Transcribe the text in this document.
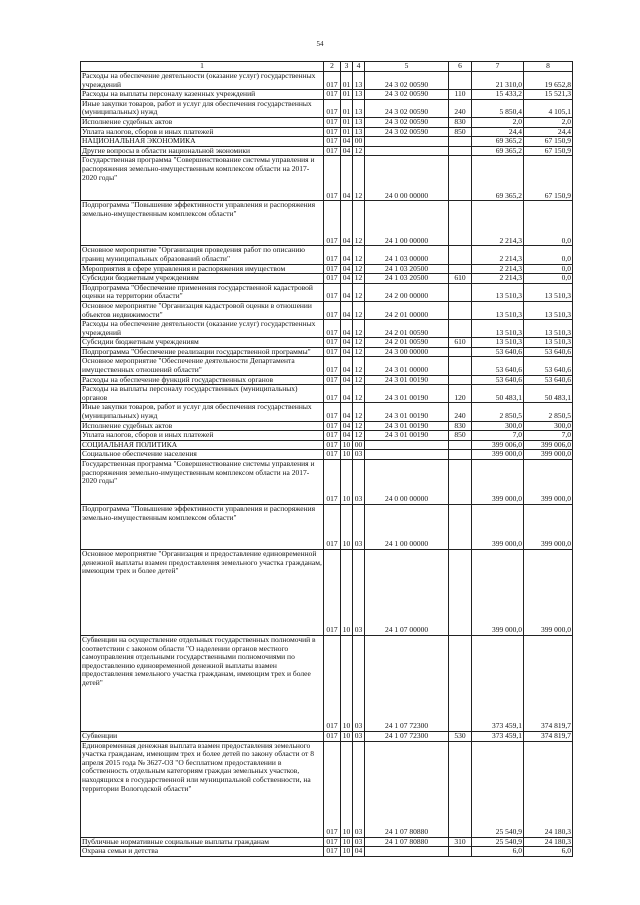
54
1	2	3	4	5	6	7	8
Расходы на обеспечение деятельности (оказание услуг) государственных учреждений	017	01	13	24 3 02 00590		21 310,0	19 652,8
Расходы на выплаты персоналу казенных учреждений	017	01	13	24 3 02 00590	110	15 433,2	15 521,3
Иные закупки товаров, работ и услуг для обеспечения государственных (муниципальных) нужд	017	01	13	24 3 02 00590	240	5 850,4	4 105,1
Исполнение судебных актов	017	01	13	24 3 02 00590	830	2,0	2,0
Уплата налогов, сборов и иных платежей	017	01	13	24 3 02 00590	850	24,4	24,4
НАЦИОНАЛЬНАЯ ЭКОНОМИКА	017	04	00			69 365,2	67 150,9
Другие вопросы в области национальной экономики	017	04	12			69 365,2	67 150,9
Государственная программа "Совершенствование системы управления и распоряжения земельно-имущественным комплексом области на 2017-2020 годы"	017	04	12	24 0 00 00000		69 365,2	67 150,9
Подпрограмма "Повышение эффективности управления и распоряжения земельно-имущественным комплексом области"	017	04	12	24 1 00 00000		2 214,3	0,0
Основное мероприятие "Организация проведения работ по описанию границ муниципальных образований области"	017	04	12	24 1 03 00000		2 214,3	0,0
Мероприятия в сфере управления и распоряжения имуществом	017	04	12	24 1 03 20500		2 214,3	0,0
Субсидии бюджетным учреждениям	017	04	12	24 1 03 20500	610	2 214,3	0,0
Подпрограмма "Обеспечение применения государственной кадастровой оценки на территории области"	017	04	12	24 2 00 00000		13 510,3	13 510,3
Основное мероприятие "Организация кадастровой оценки в отношении объектов недвижимости"	017	04	12	24 2 01 00000		13 510,3	13 510,3
Расходы на обеспечение деятельности (оказание услуг) государственных учреждений	017	04	12	24 2 01 00590		13 510,3	13 510,3
Субсидии бюджетным учреждениям	017	04	12	24 2 01 00590	610	13 510,3	13 510,3
Подпрограмма "Обеспечение реализации государственной программы"	017	04	12	24 3 00 00000		53 640,6	53 640,6
Основное мероприятие "Обеспечение деятельности Департамента имущественных отношений области"	017	04	12	24 3 01 00000		53 640,6	53 640,6
Расходы на обеспечение функций государственных органов	017	04	12	24 3 01 00190		53 640,6	53 640,6
Расходы на выплаты персоналу государственных (муниципальных) органов	017	04	12	24 3 01 00190	120	50 483,1	50 483,1
Иные закупки товаров, работ и услуг для обеспечения государственных (муниципальных) нужд	017	04	12	24 3 01 00190	240	2 850,5	2 850,5
Исполнение судебных актов	017	04	12	24 3 01 00190	830	300,0	300,0
Уплата налогов, сборов и иных платежей	017	04	12	24 3 01 00190	850	7,0	7,0
СОЦИАЛЬНАЯ ПОЛИТИКА	017	10	00			399 006,0	399 006,0
Социальное обеспечение населения	017	10	03			399 000,0	399 000,0
Государственная программа "Совершенствование системы управления и распоряжения земельно-имущественным комплексом области на 2017-2020 годы"	017	10	03	24 0 00 00000		399 000,0	399 000,0
Подпрограмма "Повышение эффективности управления и распоряжения земельно-имущественным комплексом области"	017	10	03	24 1 00 00000		399 000,0	399 000,0
Основное мероприятие "Организация и предоставление единовременной денежной выплаты взамен предоставления земельного участка гражданам, имеющим трех и более детей"	017	10	03	24 1 07 00000		399 000,0	399 000,0
Субвенции на осуществление отдельных государственных полномочий в соответствии с законом области "О наделении органов местного самоуправления отдельными государственными полномочиями по предоставлению единовременной денежной выплаты взамен предоставления земельного участка гражданам, имеющим трех и более детей"	017	10	03	24 1 07 72300		373 459,1	374 819,7
Субвенции	017	10	03	24 1 07 72300	530	373 459,1	374 819,7
Единовременная денежная выплата взамен предоставления земельного участка гражданам, имеющим трех и более детей по закону области от 8 апреля 2015 года № 3627-ОЗ "О бесплатном предоставлении в собственность отдельным категориям граждан земельных участков, находящихся в государственной или муниципальной собственности, на территории Вологодской области"	017	10	03	24 1 07 80880		25 540,9	24 180,3
Публичные нормативные социальные выплаты гражданам	017	10	03	24 1 07 80880	310	25 540,9	24 180,3
Охрана семьи и детства	017	10	04			6,0	6,0
